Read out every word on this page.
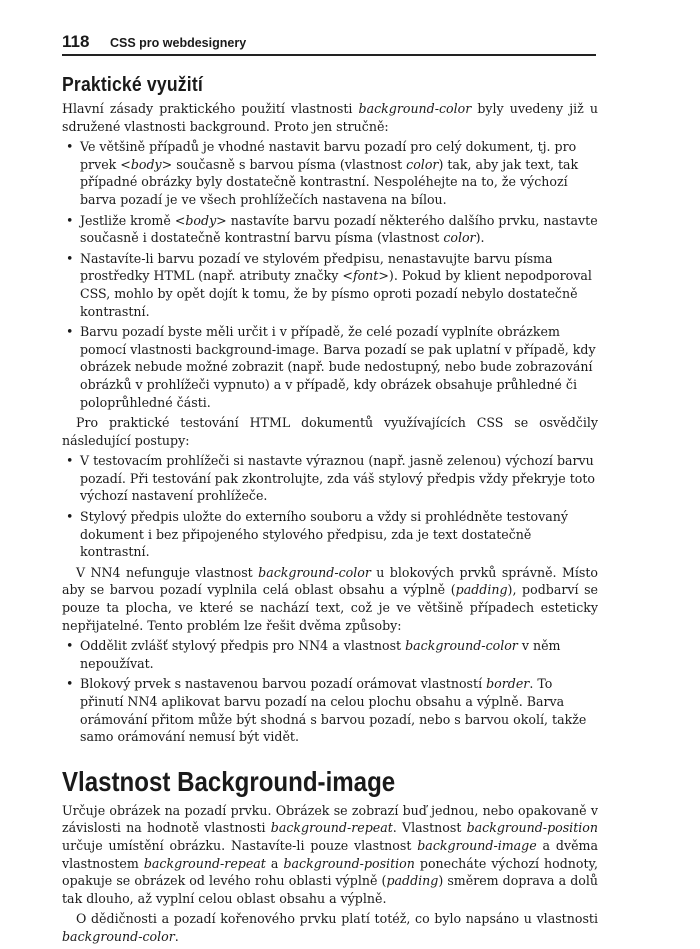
118 CSS pro webdesignery
Praktické využití

Hlavní zásady praktického použití vlastnosti background-color byly uvedeny již u sdružené vlastnosti background. Proto jen stručně:

• Ve většině případů je vhodné nastavit barvu pozadí pro celý dokument, tj. pro prvek <body> současně s barvou písma (vlastnost color) tak, aby jak text, tak případné obrázky byly dostatečně kontrastní. Nespoléhejte na to, že výchozí barva pozadí je ve všech prohlížečích nastavena na bílou.
• Jestliže kromě <body> nastavíte barvu pozadí některého dalšího prvku, nastavte současně i dostatečně kontrastní barvu písma (vlastnost color).
• Nastavíte-li barvu pozadí ve stylovém předpisu, nenastavujte barvu písma prostředky HTML (např. atributy značky <font>). Pokud by klient nepodporoval CSS, mohlo by opět dojít k tomu, že by písmo oproti pozadí nebylo dostatečně kontrastní.
• Barvu pozadí byste měli určit i v případě, že celé pozadí vyplníte obrázkem pomocí vlastnosti background-image. Barva pozadí se pak uplatní v případě, kdy obrázek nebude možné zobrazit (např. bude nedostupný, nebo bude zobrazování obrázků v prohlížeči vypnuto) a v případě, kdy obrázek obsahuje průhledné či poloprůhledné části.

Pro praktické testování HTML dokumentů využívajících CSS se osvědčily následující postupy:

• V testovacím prohlížeči si nastavte výraznou (např. jasně zelenou) výchozí barvu pozadí. Při testování pak zkontrolujte, zda váš stylový předpis vždy překryje toto výchozí nastavení prohlížeče.
• Stylový předpis uložte do externího souboru a vždy si prohlédněte testovaný dokument i bez připojeného stylového předpisu, zda je text dostatečně kontrastní.

V NN4 nefunguje vlastnost background-color u blokových prvků správně. Místo aby se barvou pozadí vyplnila celá oblast obsahu a výplně (padding), podbarví se pouze ta plocha, ve které se nachází text, což je ve většině případech esteticky nepřijatelné. Tento problém lze řešit dvěma způsoby:

• Oddělit zvlášť stylový předpis pro NN4 a vlastnost background-color v něm nepoužívat.
• Blokový prvek s nastavenou barvou pozadí orámovat vlastností border. To přinutí NN4 aplikovat barvu pozadí na celou plochu obsahu a výplně. Barva orámování přitom může být shodná s barvou pozadí, nebo s barvou okolí, takže samo orámování nemusí být vidět.
Vlastnost Background-image

Určuje obrázek na pozadí prvku. Obrázek se zobrazí buď jednou, nebo opakovaně v závislosti na hodnotě vlastnosti background-repeat. Vlastnost background-position určuje umístění obrázku. Nastavíte-li pouze vlastnost background-image a dvěma vlastnostem background-repeat a background-position ponecháte výchozí hodnoty, opakuje se obrázek od levého rohu oblasti výplně (padding) směrem doprava a dolů tak dlouho, až vyplní celou oblast obsahu a výplně.

O dědičnosti a pozadí kořenového prvku platí totéž, co bylo napsáno u vlastnosti background-color.
